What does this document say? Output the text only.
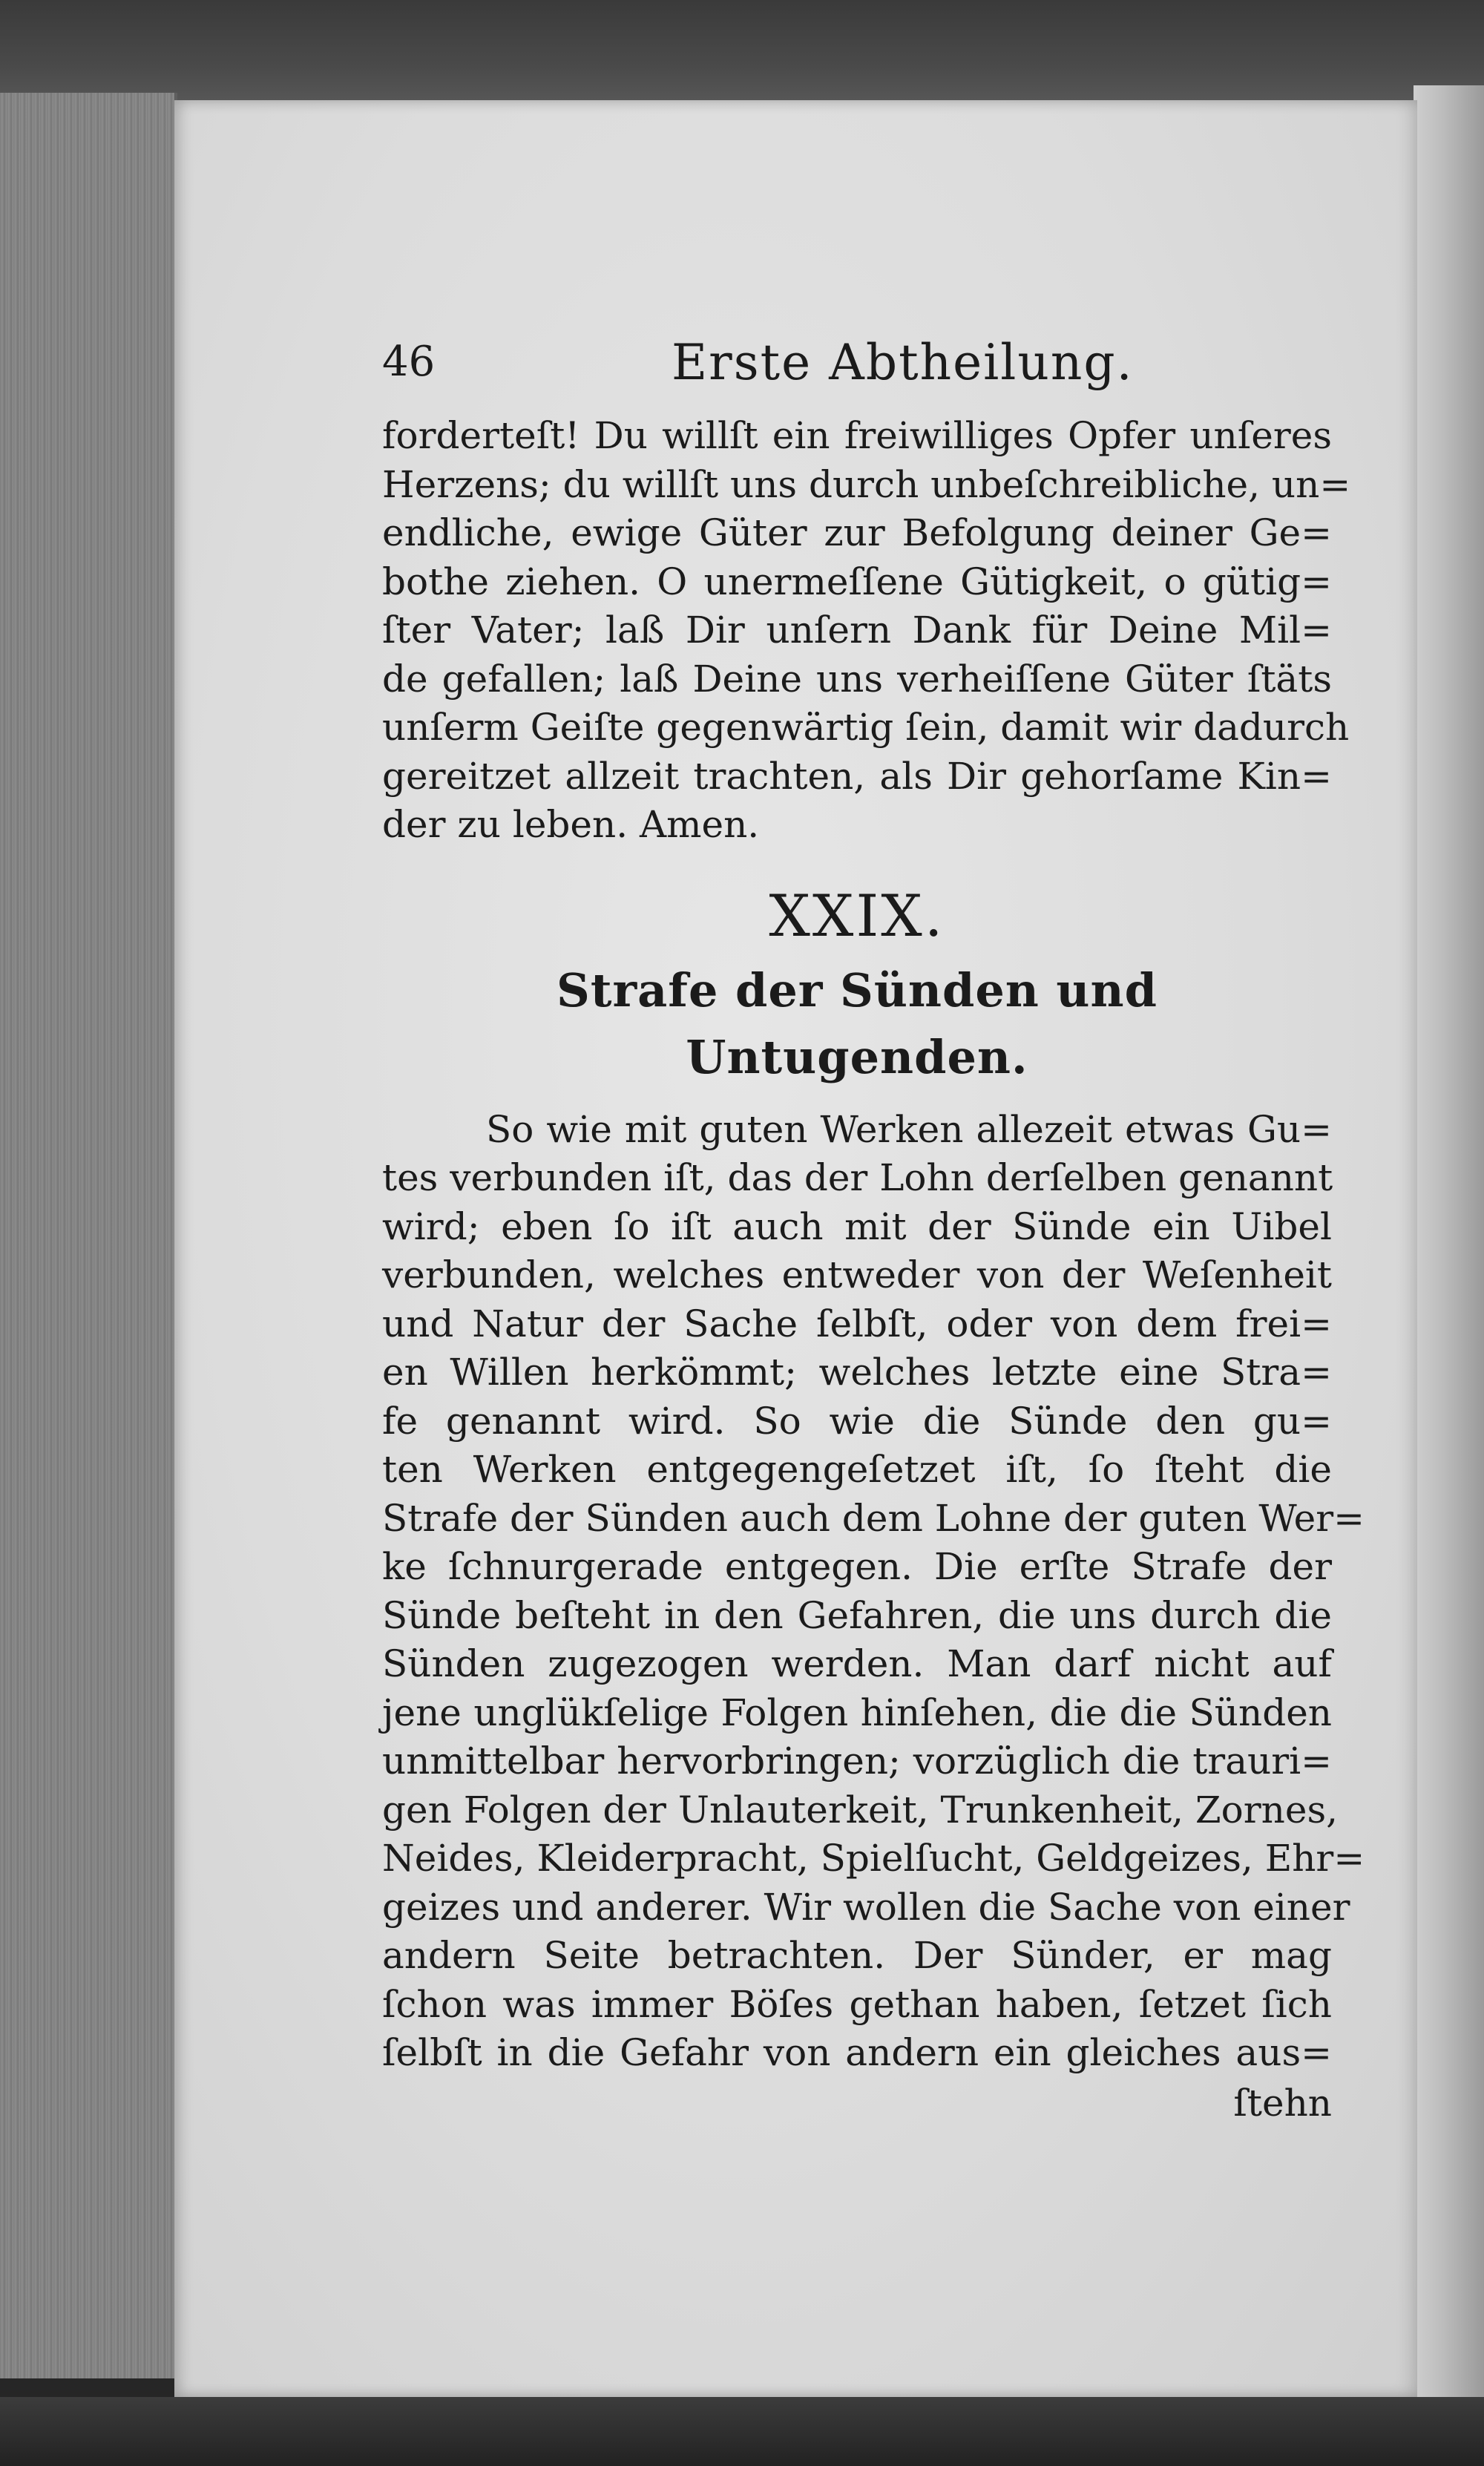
46	Erste Abtheilung.
forderteſt! Du willſt ein freiwilliges Opfer unſeres
Herzens; du willſt uns durch unbeſchreibliche, un=
endliche, ewige Güter zur Befolgung deiner Ge=
bothe ziehen. O unermeſſene Gütigkeit, o gütig=
ſter Vater; laß Dir unſern Dank für Deine Mil=
de gefallen; laß Deine uns verheiſſene Güter ſtäts
unſerm Geiſte gegenwärtig ſein, damit wir dadurch
gereitzet allzeit trachten, als Dir gehorſame Kin=
der zu leben. Amen.
XXIX.
Strafe der Sünden und Untugenden.
So wie mit guten Werken allezeit etwas Gu=
tes verbunden iſt, das der Lohn derſelben genannt
wird; eben ſo iſt auch mit der Sünde ein Uibel
verbunden, welches entweder von der Weſenheit
und Natur der Sache ſelbſt, oder von dem frei=
en Willen herkömmt; welches letzte eine Stra=
fe genannt wird. So wie die Sünde den gu=
ten Werken entgegengeſetzet iſt, ſo ſteht die
Strafe der Sünden auch dem Lohne der guten Wer=
ke ſchnurgerade entgegen. Die erſte Strafe der
Sünde beſteht in den Gefahren, die uns durch die
Sünden zugezogen werden. Man darf nicht auf
jene unglükſelige Folgen hinſehen, die die Sünden
unmittelbar hervorbringen; vorzüglich die trauri=
gen Folgen der Unlauterkeit, Trunkenheit, Zornes,
Neides, Kleiderpracht, Spielſucht, Geldgeizes, Ehr=
geizes und anderer. Wir wollen die Sache von einer
andern Seite betrachten. Der Sünder, er mag
ſchon was immer Böſes gethan haben, ſetzet ſich
ſelbſt in die Gefahr von andern ein gleiches aus=
ſtehn
